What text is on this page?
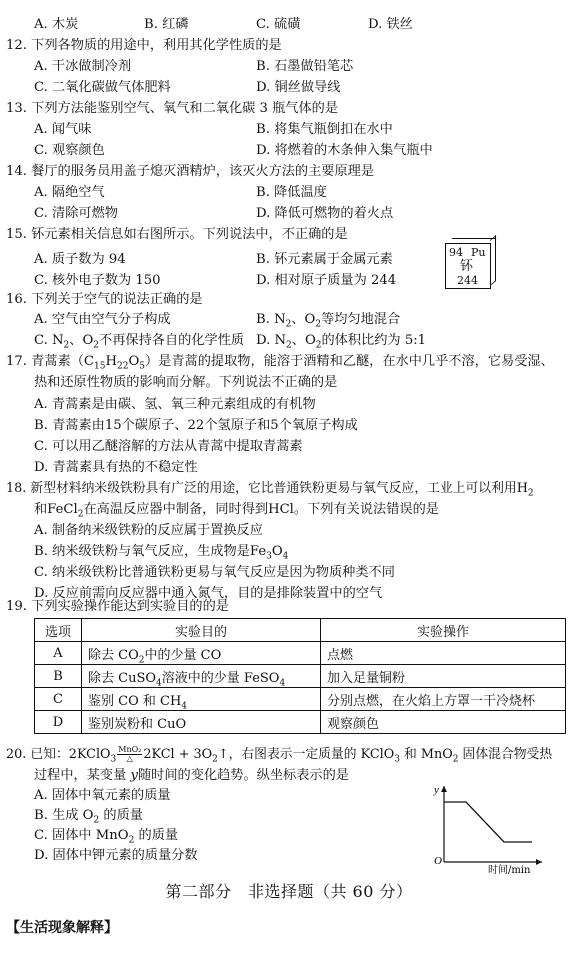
A. 木炭	B. 红磷	C. 硫磺	D. 铁丝
12. 下列各物质的用途中，利用其化学性质的是
A. 干冰做制冷剂	B. 石墨做铅笔芯
C. 二氧化碳做气体肥料	D. 铜丝做导线
13. 下列方法能鉴别空气、氧气和二氧化碳 3 瓶气体的是
A. 闻气味	B. 将集气瓶倒扣在水中
C. 观察颜色	D. 将燃着的木条伸入集气瓶中
14. 餐厅的服务员用盖子熄灭酒精炉，该灭火方法的主要原理是
A. 隔绝空气	B. 降低温度
C. 清除可燃物	D. 降低可燃物的着火点
15. 钚元素相关信息如右图所示。下列说法中，不正确的是
A. 质子数为 94	B. 钚元素属于金属元素
C. 核外电子数为 150	D. 相对原子质量为 244
94 Pu
钚
244
16. 下列关于空气的说法正确的是
A. 空气由空气分子构成	B. $N_2$、$O_2$等均匀地混合
C. $N_2$、$O_2$不再保持各自的化学性质 D. $N_2$、$O_2$的体积比约为 5:1
17. 青蒿素$(C_{15}H_{22}O_5)$是青蒿的提取物，能溶于酒精和乙醚，在水中几乎不溶，它易受湿、
热和还原性物质的影响而分解。下列说法不正确的是
A. 青蒿素是由碳、氢、氧三种元素组成的有机物
B. 青蒿素由15个碳原子、22个氢原子和5个氧原子构成
C. 可以用乙醚溶解的方法从青蒿中提取青蒿素
D. 青蒿素具有热的不稳定性
18. 新型材料纳米级铁粉具有广泛的用途，它比普通铁粉更易与氧气反应，工业上可以利用$H_2$
和FeCl$_2$在高温反应器中制备，同时得到HCl。下列有关说法错误的是
A. 制备纳米级铁粉的反应属于置换反应
B. 纳米级铁粉与氧气反应，生成物是$Fe_3O_4$
C. 纳米级铁粉比普通铁粉更易与氧气反应是因为物质种类不同
D. 反应前需向反应器中通入氮气，目的是排除装置中的空气
19. 下列实验操作能达到实验目的的是
选项	实验目的	实验操作
A	除去 $CO_2$中的少量 CO	点燃
B	除去 CuSO$_4$溶液中的少量 FeSO$_4$	加入足量铜粉
C	鉴别 CO 和 $CH_4$	分别点燃，在火焰上方罩一干冷烧杯
D	鉴别炭粉和 CuO	观察颜色
20. 已知：2KClO$_3$ $\frac{\text{MnO₂}}{\triangle} 2KCl$ + $3O_2↑$，右图表示一定质量的 KClO$_3$ 和 MnO$_2$ 固体混合物受热
过程中，某变量 y随时间的变化趋势。纵坐标表示的是
A. 固体中氧元素的质量
B. 生成 $O_2$ 的质量
C. 固体中 MnO$_2$ 的质量
D. 固体中钾元素的质量分数
y
O
时间/min
第二部分　非选择题（共 60 分）
【生活现象解释】
